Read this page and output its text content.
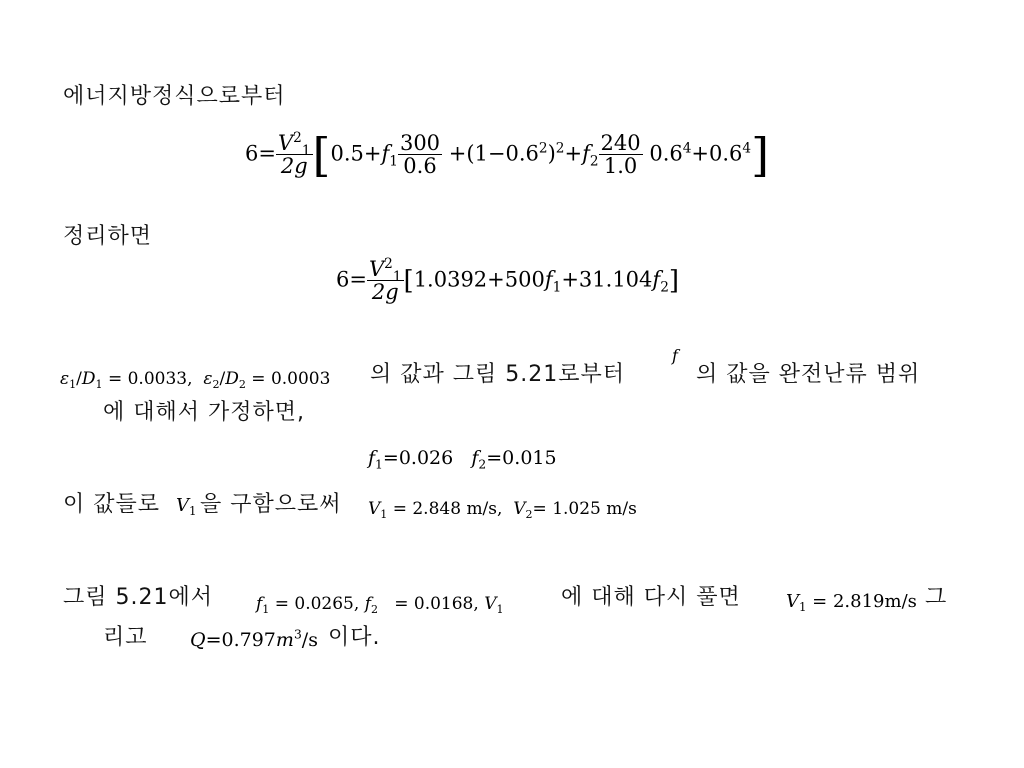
에너지방정식으로부터
$6= \frac{V^2_1}{2g} [0.5+f_1 \frac{300}{0.6} +(1-0.6^2)^2+f_2 \frac{240}{1.0} 0.6^4+0.6^4]$
정리하면
$6= \frac{V^2_1}{2g} [1.0392+500f_1+31.104f_2]$
$\varepsilon_1/D_1 = 0.0033$, $\varepsilon_2/D_2 = 0.0003$ 의 값과 그림 5.21로부터
f
의 값을 완전난류 범위
에 대해서 가정하면,
$f_1=0.026$ $f_2=0.015$
이 값들로 $V_1$ 을 구함으로써 $V_1 = 2.848$ m/s, $V_2= 1.025$ m/s
그림 5.21에서	$f_1 = 0.0265$, $f_2 = 0.0168$, $V_1$	에 대해 다시 풀면	$V_1 = 2.819m/s$ 그
리고 $Q=0.797m^3/s$ 이다.
